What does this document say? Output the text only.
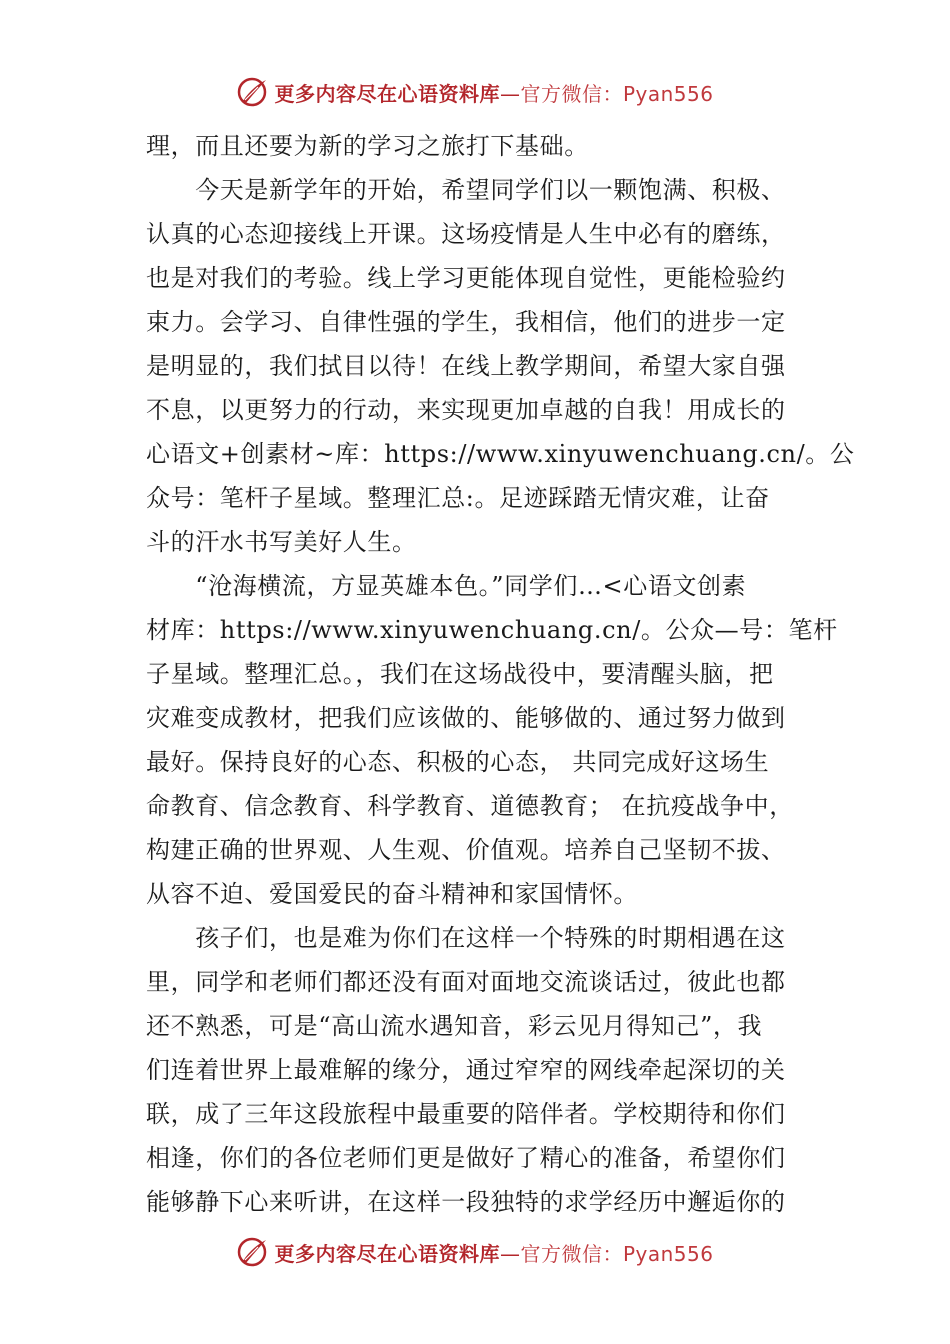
更多内容尽在心语资料库—官方微信：Pyan556
理，而且还要为新的学习之旅打下基础。
　　今天是新学年的开始，希望同学们以一颗饱满、积极、
认真的心态迎接线上开课。这场疫情是人生中必有的磨练，
也是对我们的考验。线上学习更能体现自觉性，更能检验约
束力。会学习、自律性强的学生，我相信，他们的进步一定
是明显的，我们拭目以待！在线上教学期间，希望大家自强
不息，以更努力的行动，来实现更加卓越的自我！用成长的
心语文+创素材~库：https://www.xinyuwenchuang.cn/。公
众号：笔杆子星域。整理汇总:。足迹踩踏无情灾难，让奋
斗的汗水书写美好人生。
　　“沧海横流，方显英雄本色。”同学们…<心语文创素
材库：https://www.xinyuwenchuang.cn/。公众—号：笔杆
子星域。整理汇总。，我们在这场战役中，要清醒头脑，把
灾难变成教材，把我们应该做的、能够做的、通过努力做到
最好。保持良好的心态、积极的心态， 共同完成好这场生
命教育、信念教育、科学教育、道德教育； 在抗疫战争中，
构建正确的世界观、人生观、价值观。培养自己坚韧不拔、
从容不迫、爱国爱民的奋斗精神和家国情怀。
　　孩子们，也是难为你们在这样一个特殊的时期相遇在这
里，同学和老师们都还没有面对面地交流谈话过，彼此也都
还不熟悉，可是“高山流水遇知音，彩云见月得知己”，我
们连着世界上最难解的缘分，通过窄窄的网线牵起深切的关
联，成了三年这段旅程中最重要的陪伴者。学校期待和你们
相逢，你们的各位老师们更是做好了精心的准备，希望你们
能够静下心来听讲，在这样一段独特的求学经历中邂逅你的
更多内容尽在心语资料库—官方微信：Pyan556
